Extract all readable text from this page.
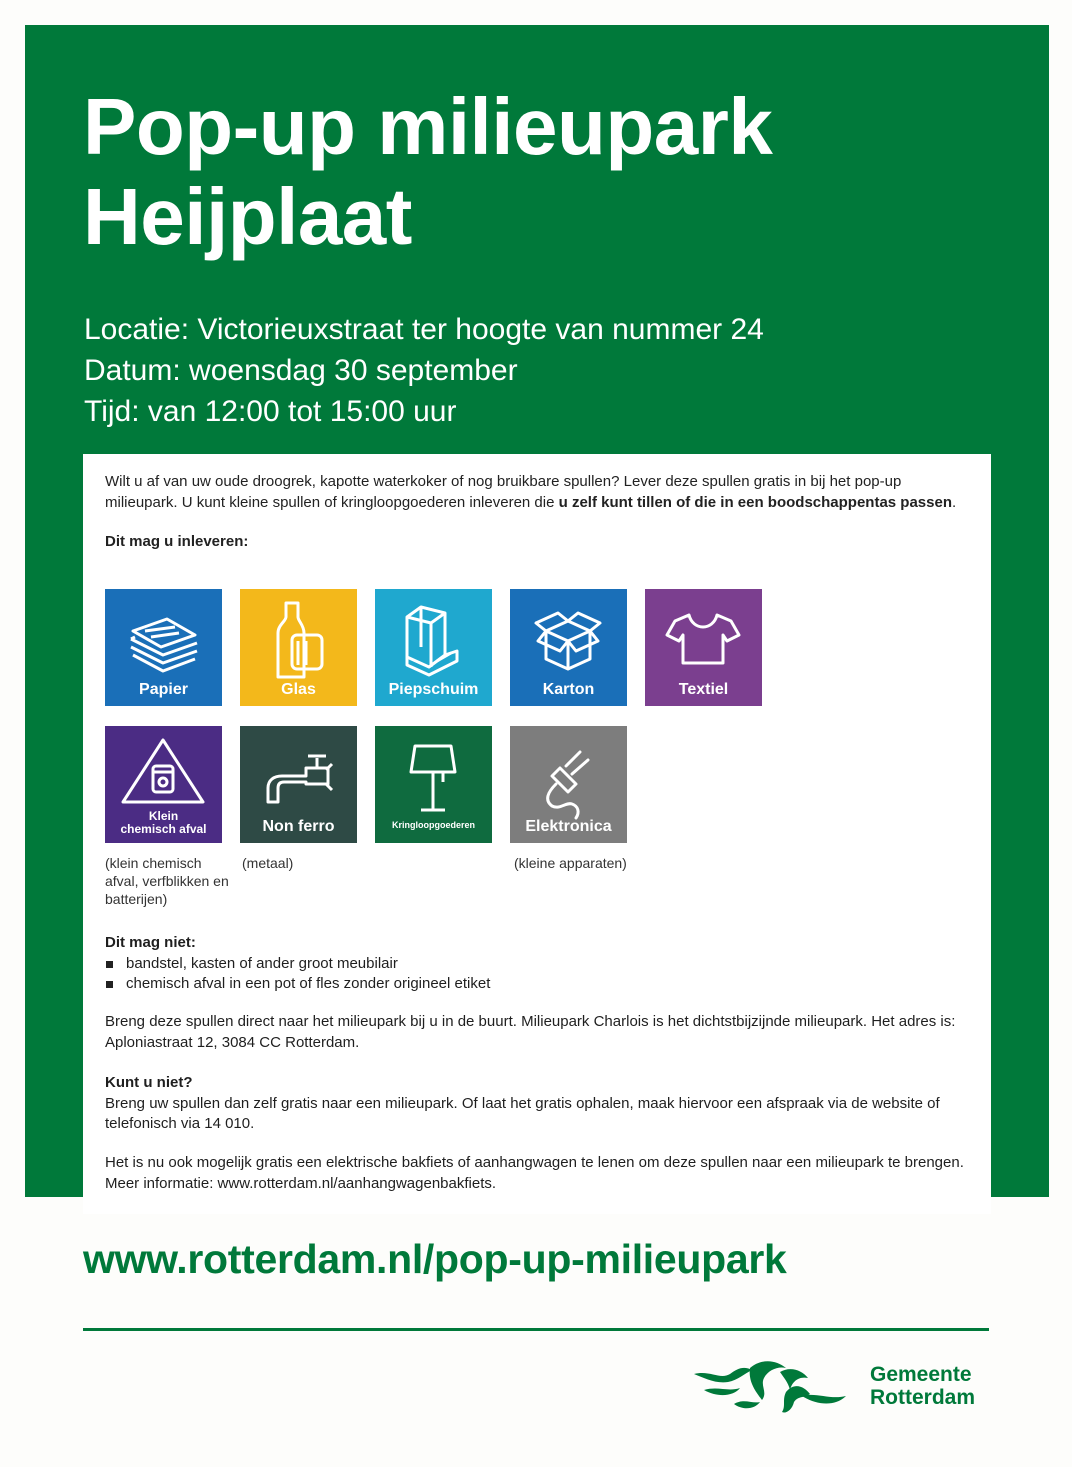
Pop-up milieupark
Heijplaat
Locatie: Victorieuxstraat ter hoogte van nummer 24
Datum: woensdag 30 september
Tijd: van 12:00 tot 15:00 uur

Wilt u af van uw oude droogrek, kapotte waterkoker of nog bruikbare spullen? Lever deze spullen gratis in bij het pop-up milieupark. U kunt kleine spullen of kringloopgoederen inleveren die u zelf kunt tillen of die in een boodschappentas passen.

Dit mag u inleveren:

Papier	Glas	Piepschuim	Karton	Textiel
Klein
chemisch afval	Non ferro	Kringloopgoederen	Elektronica
(klein chemisch afval, verfblikken en batterijen)
(metaal)	(kleine apparaten)
Dit mag niet:
bandstel, kasten of ander groot meubilair
chemisch afval in een pot of fles zonder origineel etiket
Breng deze spullen direct naar het milieupark bij u in de buurt. Milieupark Charlois is het dichtstbijzijnde milieupark. Het adres is: Aploniastraat 12, 3084 CC Rotterdam.
Kunt u niet?
Breng uw spullen dan zelf gratis naar een milieupark. Of laat het gratis ophalen, maak hiervoor een afspraak via de website of telefonisch via 14 010.
Het is nu ook mogelijk gratis een elektrische bakfiets of aanhangwagen te lenen om deze spullen naar een milieupark te brengen. Meer informatie: www.rotterdam.nl/aanhangwagenbakfiets.
www.rotterdam.nl/pop-up-milieupark
Gemeente
Rotterdam
